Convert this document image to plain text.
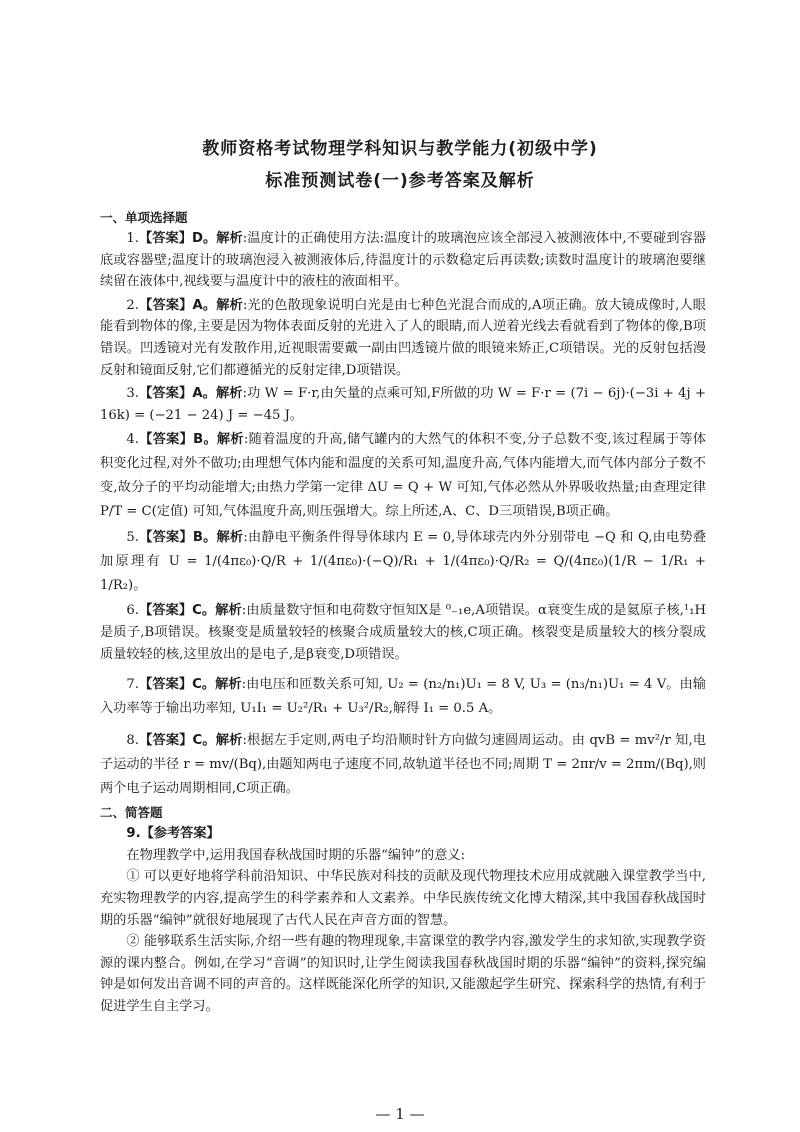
教师资格考试物理学科知识与教学能力(初级中学)
标准预测试卷(一)参考答案及解析
一、单项选择题

1.【答案】D。解析:温度计的正确使用方法:温度计的玻璃泡应该全部浸入被测液体中,不要碰到容器底或容器壁;温度计的玻璃泡浸入被测液体后,待温度计的示数稳定后再读数;读数时温度计的玻璃泡要继续留在液体中,视线要与温度计中的液柱的液面相平。

2.【答案】A。解析:光的色散现象说明白光是由七种色光混合而成的,A项正确。放大镜成像时,人眼能看到物体的像,主要是因为物体表面反射的光进入了人的眼睛,而人逆着光线去看就看到了物体的像,B项错误。凹透镜对光有发散作用,近视眼需要戴一副由凹透镜片做的眼镜来矫正,C项错误。光的反射包括漫反射和镜面反射,它们都遵循光的反射定律,D项错误。

3.【答案】A。解析:功 W = F·r,由矢量的点乘可知,F所做的功 W = F·r = (7i − 6j)·(−3i + 4j + 16k) = (−21 − 24) J = −45 J。

4.【答案】B。解析:随着温度的升高,储气罐内的大然气的体积不变,分子总数不变,该过程属于等体积变化过程,对外不做功;由理想气体内能和温度的关系可知,温度升高,气体内能增大,而气体内部分子数不变,故分子的平均动能增大;由热力学第一定律 ΔU = Q + W 可知,气体必然从外界吸收热量;由查理定律 P/T = C(定值) 可知,气体温度升高,则压强增大。综上所述,A、C、D三项错误,B项正确。

5.【答案】B。解析:由静电平衡条件得导体球内 E = 0,导体球壳内外分别带电 −Q 和 Q,由电势叠加原理有 U = 1/(4πε₀)·Q/R + 1/(4πε₀)·(−Q)/R₁ + 1/(4πε₀)·Q/R₂ = Q/(4πε₀)(1/R − 1/R₁ + 1/R₂)。

6.【答案】C。解析:由质量数守恒和电荷数守恒知X是 ⁰₋₁e,A项错误。α衰变生成的是氦原子核,¹₁H是质子,B项错误。核聚变是质量较轻的核聚合成质量较大的核,C项正确。核裂变是质量较大的核分裂成质量较轻的核,这里放出的是电子,是β衰变,D项错误。

7.【答案】C。解析:由电压和匝数关系可知, U₂ = (n₂/n₁)U₁ = 8 V, U₃ = (n₃/n₁)U₁ = 4 V。由输入功率等于输出功率知, U₁I₁ = U₂²/R₁ + U₃²/R₂,解得 I₁ = 0.5 A。

8.【答案】C。解析:根据左手定则,两电子均沿顺时针方向做匀速圆周运动。由 qvB = mv²/r 知,电子运动的半径 r = mv/(Bq),由题知两电子速度不同,故轨道半径也不同;周期 T = 2πr/v = 2πm/(Bq),则两个电子运动周期相同,C项正确。

二、简答题

9.【参考答案】

在物理教学中,运用我国春秋战国时期的乐器“编钟”的意义:

① 可以更好地将学科前沿知识、中华民族对科技的贡献及现代物理技术应用成就融入课堂教学当中,充实物理教学的内容,提高学生的科学素养和人文素养。中华民族传统文化博大精深,其中我国春秋战国时期的乐器“编钟”就很好地展现了古代人民在声音方面的智慧。

② 能够联系生活实际,介绍一些有趣的物理现象,丰富课堂的教学内容,激发学生的求知欲,实现教学资源的课内整合。例如,在学习“音调”的知识时,让学生阅读我国春秋战国时期的乐器“编钟”的资料,探究编钟是如何发出音调不同的声音的。这样既能深化所学的知识,又能激起学生研究、探索科学的热情,有利于促进学生自主学习。

— 1 —
